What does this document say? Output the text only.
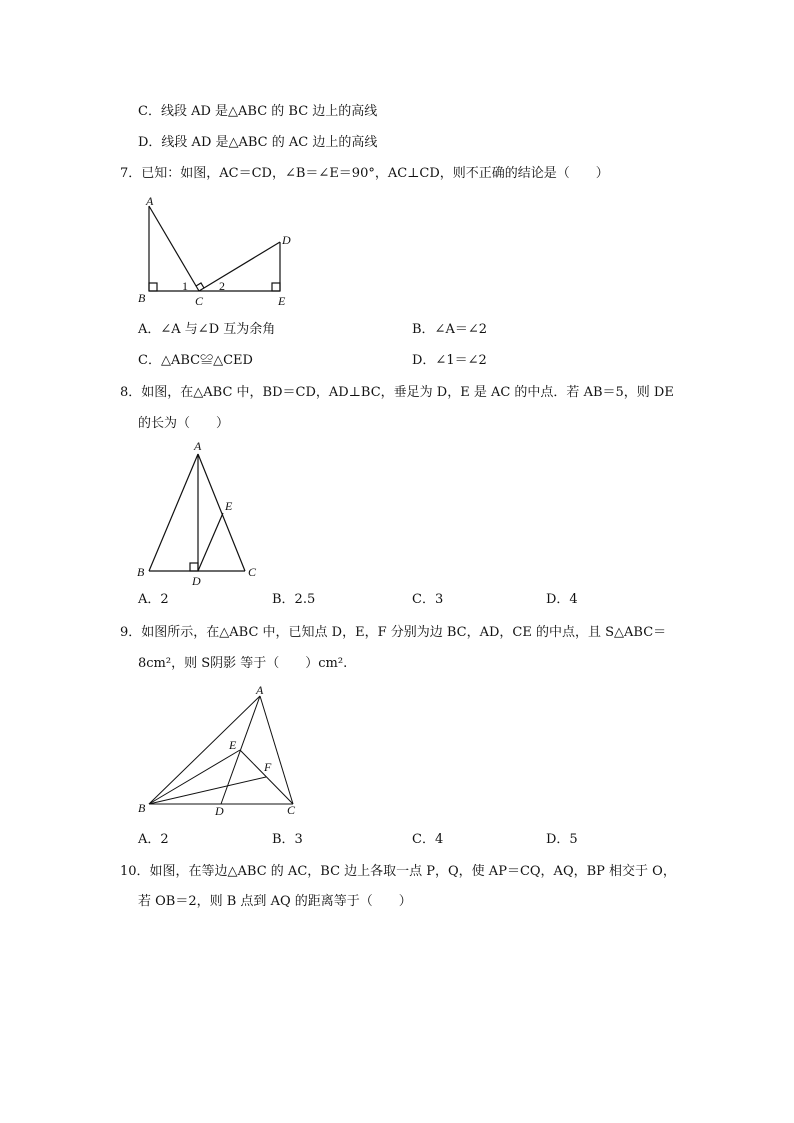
C．线段 AD 是△ABC 的 BC 边上的高线
D．线段 AD 是△ABC 的 AC 边上的高线
7．已知：如图，AC＝CD，∠B＝∠E＝90°，AC⊥CD，则不正确的结论是（　　）
A
B
1
C
2
D
E
A．∠A 与∠D 互为余角	B．∠A＝∠2
C．△ABC≌△CED	D．∠1＝∠2
8．如图，在△ABC 中，BD＝CD，AD⊥BC，垂足为 D，E 是 AC 的中点．若 AB＝5，则 DE
的长为（　　）
A
E
B
D
C
A．2	B．2.5	C．3	D．4
9．如图所示，在△ABC 中，已知点 D，E，F 分别为边 BC，AD，CE 的中点，且 S△ABC＝
8cm²，则 S阴影 等于（　　）cm².
A
E
F
B	D	C
A．2	B．3	C．4	D．5
10．如图，在等边△ABC 的 AC，BC 边上各取一点 P，Q，使 AP＝CQ，AQ，BP 相交于 O，
若 OB＝2，则 B 点到 AQ 的距离等于（　　）
